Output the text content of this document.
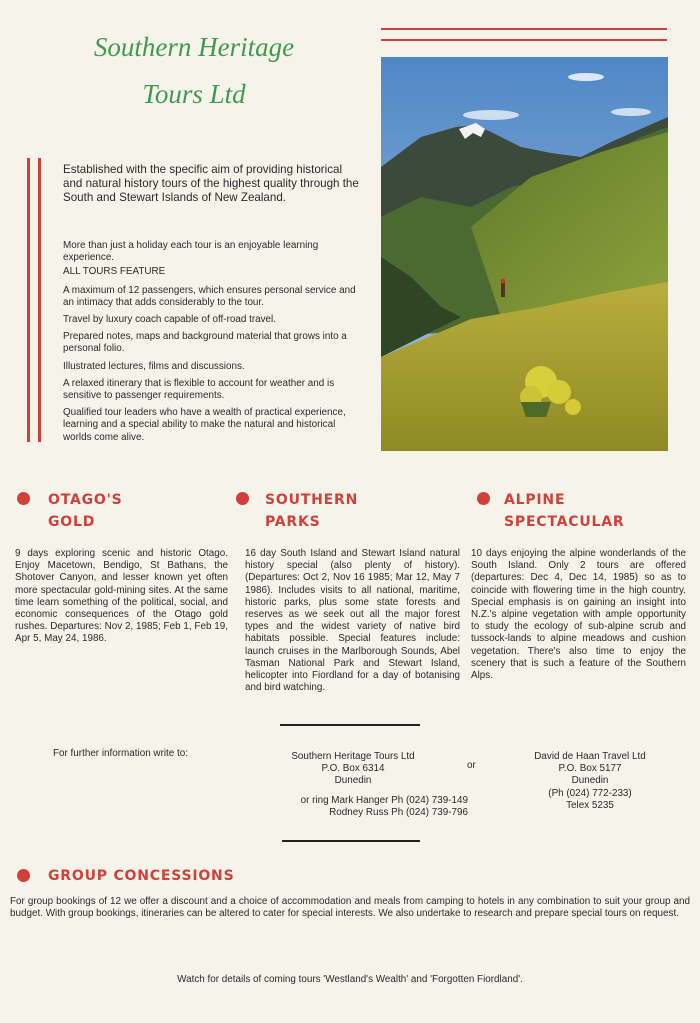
Southern Heritage
Tours Ltd
Established with the specific aim of providing historical and natural history tours of the highest quality through the South and Stewart Islands of New Zealand.

More than just a holiday each tour is an enjoyable learning experience.

ALL TOURS FEATURE

A maximum of 12 passengers, which ensures personal service and an intimacy that adds considerably to the tour.

Travel by luxury coach capable of off-road travel.

Prepared notes, maps and background material that grows into a personal folio.

Illustrated lectures, films and discussions.

A relaxed itinerary that is flexible to account for weather and is sensitive to passenger requirements.

Qualified tour leaders who have a wealth of practical experience, learning and a special ability to make the natural and historical worlds come alive.

OTAGO'S
GOLD
9 days exploring scenic and historic Otago. Enjoy Macetown, Bendigo, St Bathans, the Shotover Canyon, and lesser known yet often more spectacular gold-mining sites. At the same time learn something of the political, social, and economic consequences of the Otago gold rushes. Departures: Nov 2, 1985; Feb 1, Feb 19, Apr 5, May 24, 1986.
SOUTHERN
PARKS
16 day South Island and Stewart Island natural history special (also plenty of history). (Departures: Oct 2, Nov 16 1985; Mar 12, May 7 1986). Includes visits to all national, maritime, historic parks, plus some state forests and reserves as we seek out all the major forest types and the widest variety of native bird habitats possible. Special features include: launch cruises in the Marlborough Sounds, Abel Tasman National Park and Stewart Island, helicopter into Fiordland for a day of botanising and bird watching.
ALPINE
SPECTACULAR
10 days enjoying the alpine wonderlands of the South Island. Only 2 tours are offered (departures: Dec 4, Dec 14, 1985) so as to coincide with flowering time in the high country. Special emphasis is on gaining an insight into N.Z.'s alpine vegetation with ample opportunity to study the ecology of sub-alpine scrub and tussock-lands to alpine meadows and cushion vegetation. There's also time to enjoy the scenery that is such a feature of the Southern Alps.
For further information write to:	Southern Heritage Tours Ltd
P.O. Box 6314
Dunedin
or ring Mark Hanger Ph (024) 739-149
Rodney Russ Ph (024) 739-796
or
David de Haan Travel Ltd
P.O. Box 5177
Dunedin
(Ph (024) 772-233)
Telex 5235
GROUP CONCESSIONS
For group bookings of 12 we offer a discount and a choice of accommodation and meals from camping to hotels in any combination to suit your group and budget. With group bookings, itineraries can be altered to cater for special interests. We also undertake to research and prepare special tours on request.
Watch for details of coming tours 'Westland's Wealth' and 'Forgotten Fiordland'.
